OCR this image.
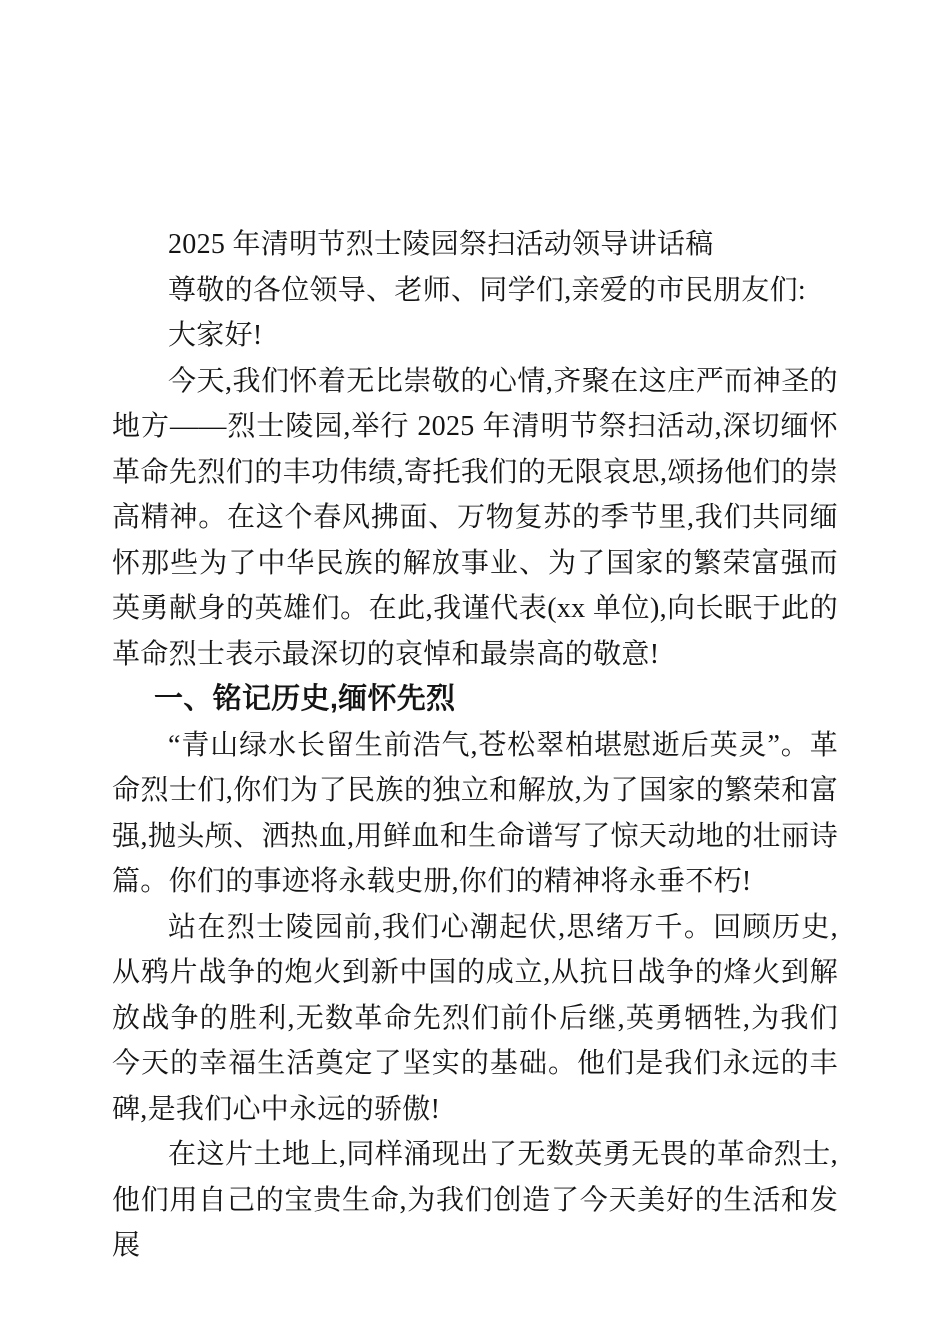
2025 年清明节烈士陵园祭扫活动领导讲话稿
尊敬的各位领导、老师、同学们,亲爱的市民朋友们:
大家好!
今天,我们怀着无比崇敬的心情,齐聚在这庄严而神圣的地方——烈士陵园,举行 2025 年清明节祭扫活动,深切缅怀革命先烈们的丰功伟绩,寄托我们的无限哀思,颂扬他们的崇高精神。在这个春风拂面、万物复苏的季节里,我们共同缅怀那些为了中华民族的解放事业、为了国家的繁荣富强而英勇献身的英雄们。在此,我谨代表(xx 单位),向长眠于此的革命烈士表示最深切的哀悼和最崇高的敬意!
一、铭记历史,缅怀先烈
“青山绿水长留生前浩气,苍松翠柏堪慰逝后英灵”。革命烈士们,你们为了民族的独立和解放,为了国家的繁荣和富强,抛头颅、洒热血,用鲜血和生命谱写了惊天动地的壮丽诗篇。你们的事迹将永载史册,你们的精神将永垂不朽!
站在烈士陵园前,我们心潮起伏,思绪万千。回顾历史,从鸦片战争的炮火到新中国的成立,从抗日战争的烽火到解放战争的胜利,无数革命先烈们前仆后继,英勇牺牲,为我们今天的幸福生活奠定了坚实的基础。他们是我们永远的丰碑,是我们心中永远的骄傲!
在这片土地上,同样涌现出了无数英勇无畏的革命烈士,他们用自己的宝贵生命,为我们创造了今天美好的生活和发展
